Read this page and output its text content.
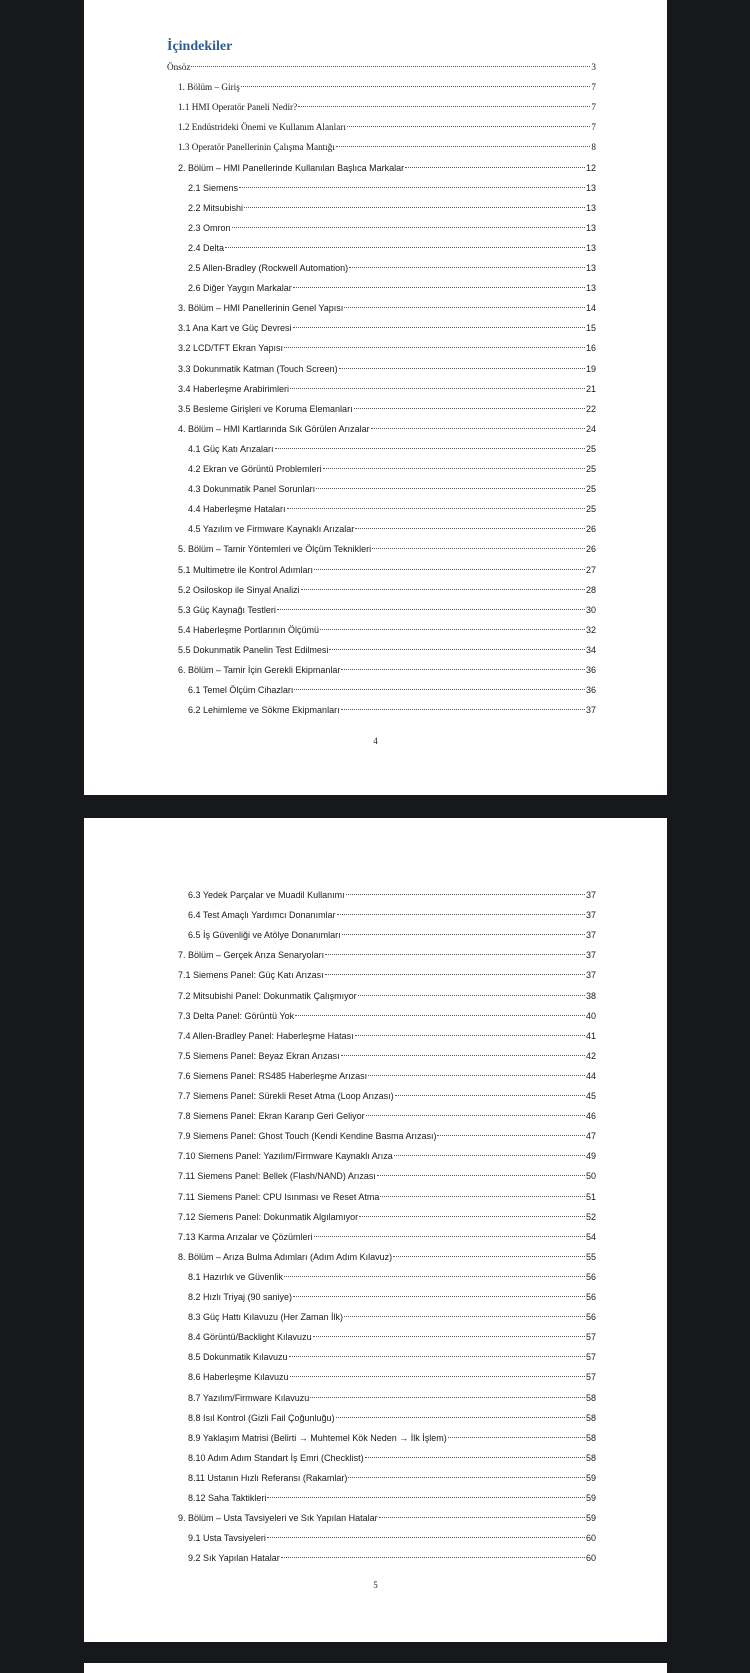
İçindekiler
Önsöz	3
1. Bölüm – Giriş	7
1.1 HMI Operatör Paneli Nedir?	7
1.2 Endüstrideki Önemi ve Kullanım Alanları	7
1.3 Operatör Panellerinin Çalışma Mantığı	8
2. Bölüm – HMI Panellerinde Kullanılan Başlıca Markalar	12
2.1 Siemens	13
2.2 Mitsubishi	13
2.3 Omron	13
2.4 Delta	13
2.5 Allen-Bradley (Rockwell Automation)	13
2.6 Diğer Yaygın Markalar	13
3. Bölüm – HMI Panellerinin Genel Yapısı	14
3.1 Ana Kart ve Güç Devresi	15
3.2 LCD/TFT Ekran Yapısı	16
3.3 Dokunmatik Katman (Touch Screen)	19
3.4 Haberleşme Arabirimleri	21
3.5 Besleme Girişleri ve Koruma Elemanları	22
4. Bölüm – HMI Kartlarında Sık Görülen Arızalar	24
4.1 Güç Katı Arızaları	25
4.2 Ekran ve Görüntü Problemleri	25
4.3 Dokunmatik Panel Sorunları	25
4.4 Haberleşme Hataları	25
4.5 Yazılım ve Firmware Kaynaklı Arızalar	26
5. Bölüm – Tamir Yöntemleri ve Ölçüm Teknikleri	26
5.1 Multimetre ile Kontrol Adımları	27
5.2 Osiloskop ile Sinyal Analizi	28
5.3 Güç Kaynağı Testleri	30
5.4 Haberleşme Portlarının Ölçümü	32
5.5 Dokunmatik Panelin Test Edilmesi	34
6. Bölüm – Tamir İçin Gerekli Ekipmanlar	36
6.1 Temel Ölçüm Cihazları	36
6.2 Lehimleme ve Sökme Ekipmanları	37
4
6.3 Yedek Parçalar ve Muadil Kullanımı	37
6.4 Test Amaçlı Yardımcı Donanımlar	37
6.5 İş Güvenliği ve Atölye Donanımları	37
7. Bölüm – Gerçek Arıza Senaryoları	37
7.1 Siemens Panel: Güç Katı Arızası	37
7.2 Mitsubishi Panel: Dokunmatik Çalışmıyor	38
7.3 Delta Panel: Görüntü Yok	40
7.4 Allen-Bradley Panel: Haberleşme Hatası	41
7.5 Siemens Panel: Beyaz Ekran Arızası	42
7.6 Siemens Panel: RS485 Haberleşme Arızası	44
7.7 Siemens Panel: Sürekli Reset Atma (Loop Arızası)	45
7.8 Siemens Panel: Ekran Kararıp Geri Geliyor	46
7.9 Siemens Panel: Ghost Touch (Kendi Kendine Basma Arızası)	47
7.10 Siemens Panel: Yazılım/Firmware Kaynaklı Arıza	49
7.11 Siemens Panel: Bellek (Flash/NAND) Arızası	50
7.11 Siemens Panel: CPU Isınması ve Reset Atma	51
7.12 Siemens Panel: Dokunmatik Algılamıyor	52
7.13 Karma Arızalar ve Çözümleri	54
8. Bölüm – Arıza Bulma Adımları (Adım Adım Kılavuz)	55
8.1 Hazırlık ve Güvenlik	56
8.2 Hızlı Triyaj (90 saniye)	56
8.3 Güç Hattı Kılavuzu (Her Zaman İlk)	56
8.4 Görüntü/Backlight Kılavuzu	57
8.5 Dokunmatik Kılavuzu	57
8.6 Haberleşme Kılavuzu	57
8.7 Yazılım/Firmware Kılavuzu	58
8.8 Isıl Kontrol (Gizli Fail Çoğunluğu)	58
8.9 Yaklaşım Matrisi (Belirti → Muhtemel Kök Neden → İlk İşlem)	58
8.10 Adım Adım Standart İş Emri (Checklist)	58
8.11 Ustanın Hızlı Referansı (Rakamlar)	59
8.12 Saha Taktikleri	59
9. Bölüm – Usta Tavsiyeleri ve Sık Yapılan Hatalar	59
9.1 Usta Tavsiyeleri	60
9.2 Sık Yapılan Hatalar	60
5
